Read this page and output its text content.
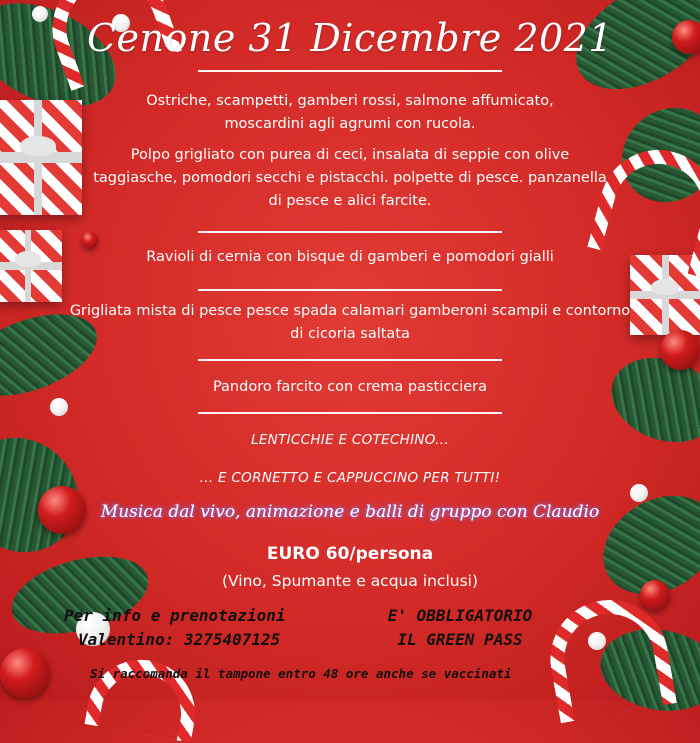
Cenone 31 Dicembre 2021
Ostriche, scampetti, gamberi rossi, salmone affumicato,
moscardini agli agrumi con rucola.
Polpo grigliato con purea di ceci, insalata di seppie con olive
taggiasche, pomodori secchi e pistacchi. polpette di pesce. panzanella
di pesce e alici farcite.
Ravioli di cernia con bisque di gamberi e pomodori gialli
Grigliata mista di pesce pesce spada calamari gamberoni scampii e contorno
di cicoria saltata
Pandoro farcito con crema pasticciera
LENTICCHIE E COTECHINO...
... E CORNETTO E CAPPUCCINO PER TUTTI!
Musica dal vivo, animazione e balli di gruppo con Claudio
EURO 60/persona
(Vino, Spumante e acqua inclusi)
Per info e prenotazioni
Valentino: 3275407125
E' OBBLIGATORIO
IL GREEN PASS
Si raccomanda il tampone entro 48 ore anche se vaccinati
